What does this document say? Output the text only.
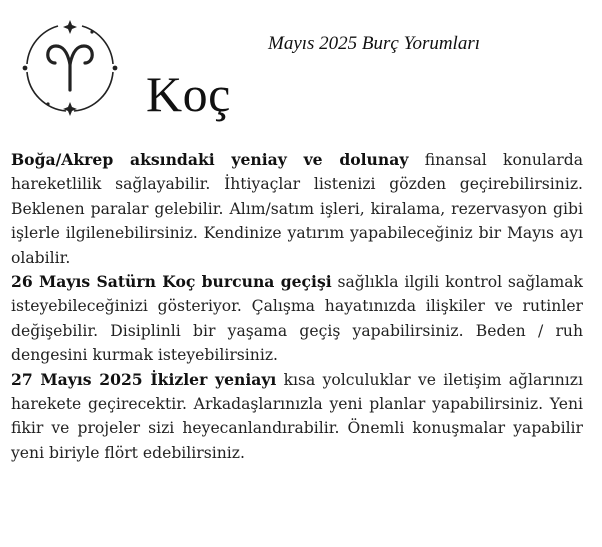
Koç
Mayıs 2025 Burç Yorumları

Boğa/Akrep aksındaki yeniay ve dolunay finansal konularda hareketlilik sağlayabilir. İhtiyaçlar listenizi gözden geçirebilirsiniz. Beklenen paralar gelebilir. Alım/satım işleri, kiralama, rezervasyon gibi işlerle ilgilenebilirsiniz. Kendinize yatırım yapabileceğiniz bir Mayıs ayı olabilir.

26 Mayıs Satürn Koç burcuna geçişi sağlıkla ilgili kontrol sağlamak isteyebileceğinizi gösteriyor. Çalışma hayatınızda ilişkiler ve rutinler değişebilir. Disiplinli bir yaşama geçiş yapabilirsiniz. Beden / ruh dengesini kurmak isteyebilirsiniz.

27 Mayıs 2025 İkizler yeniayı kısa yolculuklar ve iletişim ağlarınızı harekete geçirecektir. Arkadaşlarınızla yeni planlar yapabilirsiniz. Yeni fikir ve projeler sizi heyecanlandırabilir. Önemli konuşmalar yapabilir yeni biriyle flört edebilirsiniz.
